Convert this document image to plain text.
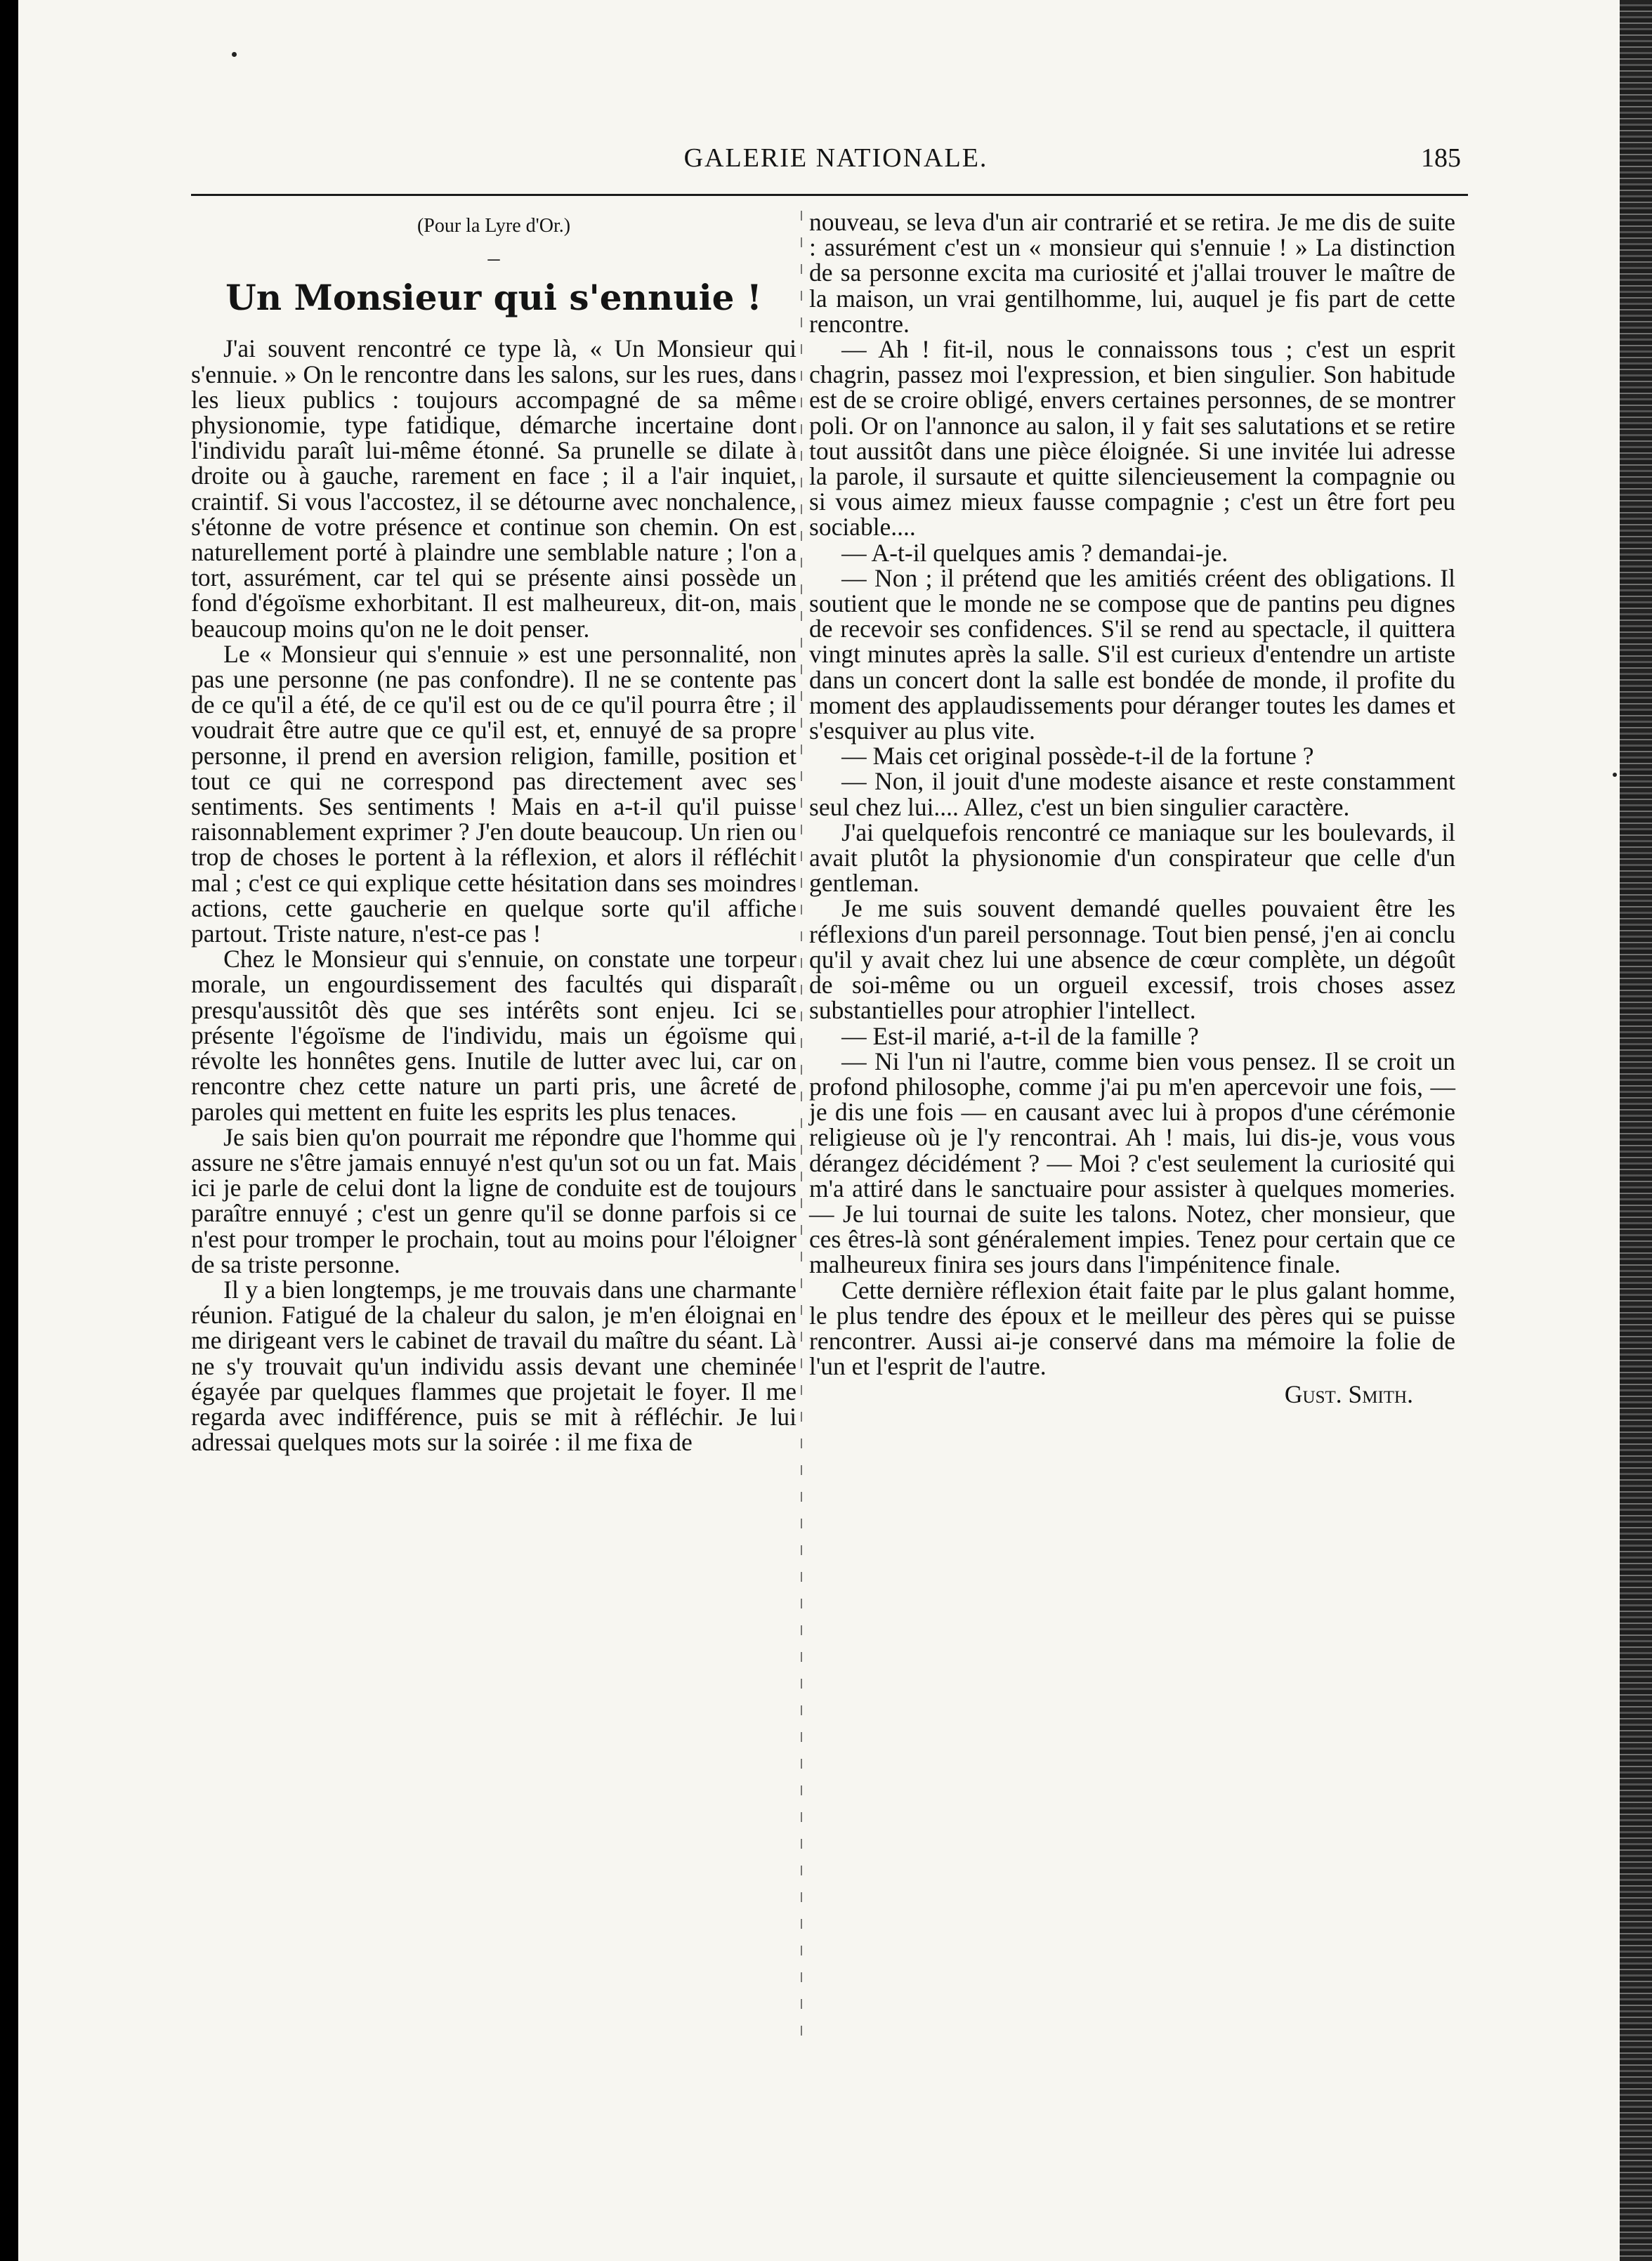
GALERIE NATIONALE.	185
(Pour la Lyre d'Or.)
–
Un Monsieur qui s'ennuie !

J'ai souvent rencontré ce type là, « Un Monsieur qui s'ennuie. » On le rencontre dans les salons, sur les rues, dans les lieux publics : toujours accompagné de sa même physionomie, type fatidique, démarche incertaine dont l'individu paraît lui-même étonné. Sa prunelle se dilate à droite ou à gauche, rarement en face ; il a l'air inquiet, craintif. Si vous l'accostez, il se détourne avec nonchalence, s'étonne de votre présence et continue son chemin. On est naturellement porté à plaindre une semblable nature ; l'on a tort, assurément, car tel qui se présente ainsi possède un fond d'égoïsme exhorbitant. Il est malheureux, dit-on, mais beaucoup moins qu'on ne le doit penser.

Le « Monsieur qui s'ennuie » est une personnalité, non pas une personne (ne pas confondre). Il ne se contente pas de ce qu'il a été, de ce qu'il est ou de ce qu'il pourra être ; il voudrait être autre que ce qu'il est, et, ennuyé de sa propre personne, il prend en aversion religion, famille, position et tout ce qui ne correspond pas directement avec ses sentiments. Ses sentiments ! Mais en a-t-il qu'il puisse raisonnablement exprimer ? J'en doute beaucoup. Un rien ou trop de choses le portent à la réflexion, et alors il réfléchit mal ; c'est ce qui explique cette hésitation dans ses moindres actions, cette gaucherie en quelque sorte qu'il affiche partout. Triste nature, n'est-ce pas !

Chez le Monsieur qui s'ennuie, on constate une torpeur morale, un engourdissement des facultés qui disparaît presqu'aussitôt dès que ses intérêts sont enjeu. Ici se présente l'égoïsme de l'individu, mais un égoïsme qui révolte les honnêtes gens. Inutile de lutter avec lui, car on rencontre chez cette nature un parti pris, une âcreté de paroles qui mettent en fuite les esprits les plus tenaces.

Je sais bien qu'on pourrait me répondre que l'homme qui assure ne s'être jamais ennuyé n'est qu'un sot ou un fat. Mais ici je parle de celui dont la ligne de conduite est de toujours paraître ennuyé ; c'est un genre qu'il se donne parfois si ce n'est pour tromper le prochain, tout au moins pour l'éloigner de sa triste personne.

Il y a bien longtemps, je me trouvais dans une charmante réunion. Fatigué de la chaleur du salon, je m'en éloignai en me dirigeant vers le cabinet de travail du maître du séant. Là ne s'y trouvait qu'un individu assis devant une cheminée égayée par quelques flammes que projetait le foyer. Il me regarda avec indifférence, puis se mit à réfléchir. Je lui adressai quelques mots sur la soirée : il me fixa de

nouveau, se leva d'un air contrarié et se retira. Je me dis de suite : assurément c'est un « monsieur qui s'ennuie ! » La distinction de sa personne excita ma curiosité et j'allai trouver le maître de la maison, un vrai gentilhomme, lui, auquel je fis part de cette rencontre.

— Ah ! fit-il, nous le connaissons tous ; c'est un esprit chagrin, passez moi l'expression, et bien singulier. Son habitude est de se croire obligé, envers certaines personnes, de se montrer poli. Or on l'annonce au salon, il y fait ses salutations et se retire tout aussitôt dans une pièce éloignée. Si une invitée lui adresse la parole, il sursaute et quitte silencieusement la compagnie ou si vous aimez mieux fausse compagnie ; c'est un être fort peu sociable....

— A-t-il quelques amis ? demandai-je.

— Non ; il prétend que les amitiés créent des obligations. Il soutient que le monde ne se compose que de pantins peu dignes de recevoir ses confidences. S'il se rend au spectacle, il quittera vingt minutes après la salle. S'il est curieux d'entendre un artiste dans un concert dont la salle est bondée de monde, il profite du moment des applaudissements pour déranger toutes les dames et s'esquiver au plus vite.

— Mais cet original possède-t-il de la fortune ?

— Non, il jouit d'une modeste aisance et reste constamment seul chez lui.... Allez, c'est un bien singulier caractère.

J'ai quelquefois rencontré ce maniaque sur les boulevards, il avait plutôt la physionomie d'un conspirateur que celle d'un gentleman.

Je me suis souvent demandé quelles pouvaient être les réflexions d'un pareil personnage. Tout bien pensé, j'en ai conclu qu'il y avait chez lui une absence de cœur complète, un dégoût de soi-même ou un orgueil excessif, trois choses assez substantielles pour atrophier l'intellect.

— Est-il marié, a-t-il de la famille ?

— Ni l'un ni l'autre, comme bien vous pensez. Il se croit un profond philosophe, comme j'ai pu m'en apercevoir une fois, — je dis une fois — en causant avec lui à propos d'une cérémonie religieuse où je l'y rencontrai. Ah ! mais, lui dis-je, vous vous dérangez décidément ? — Moi ? c'est seulement la curiosité qui m'a attiré dans le sanctuaire pour assister à quelques momeries. — Je lui tournai de suite les talons. Notez, cher monsieur, que ces êtres-là sont généralement impies. Tenez pour certain que ce malheureux finira ses jours dans l'impénitence finale.

Cette dernière réflexion était faite par le plus galant homme, le plus tendre des époux et le meilleur des pères qui se puisse rencontrer. Aussi ai-je conservé dans ma mémoire la folie de l'un et l'esprit de l'autre.

Gust. Smith.
